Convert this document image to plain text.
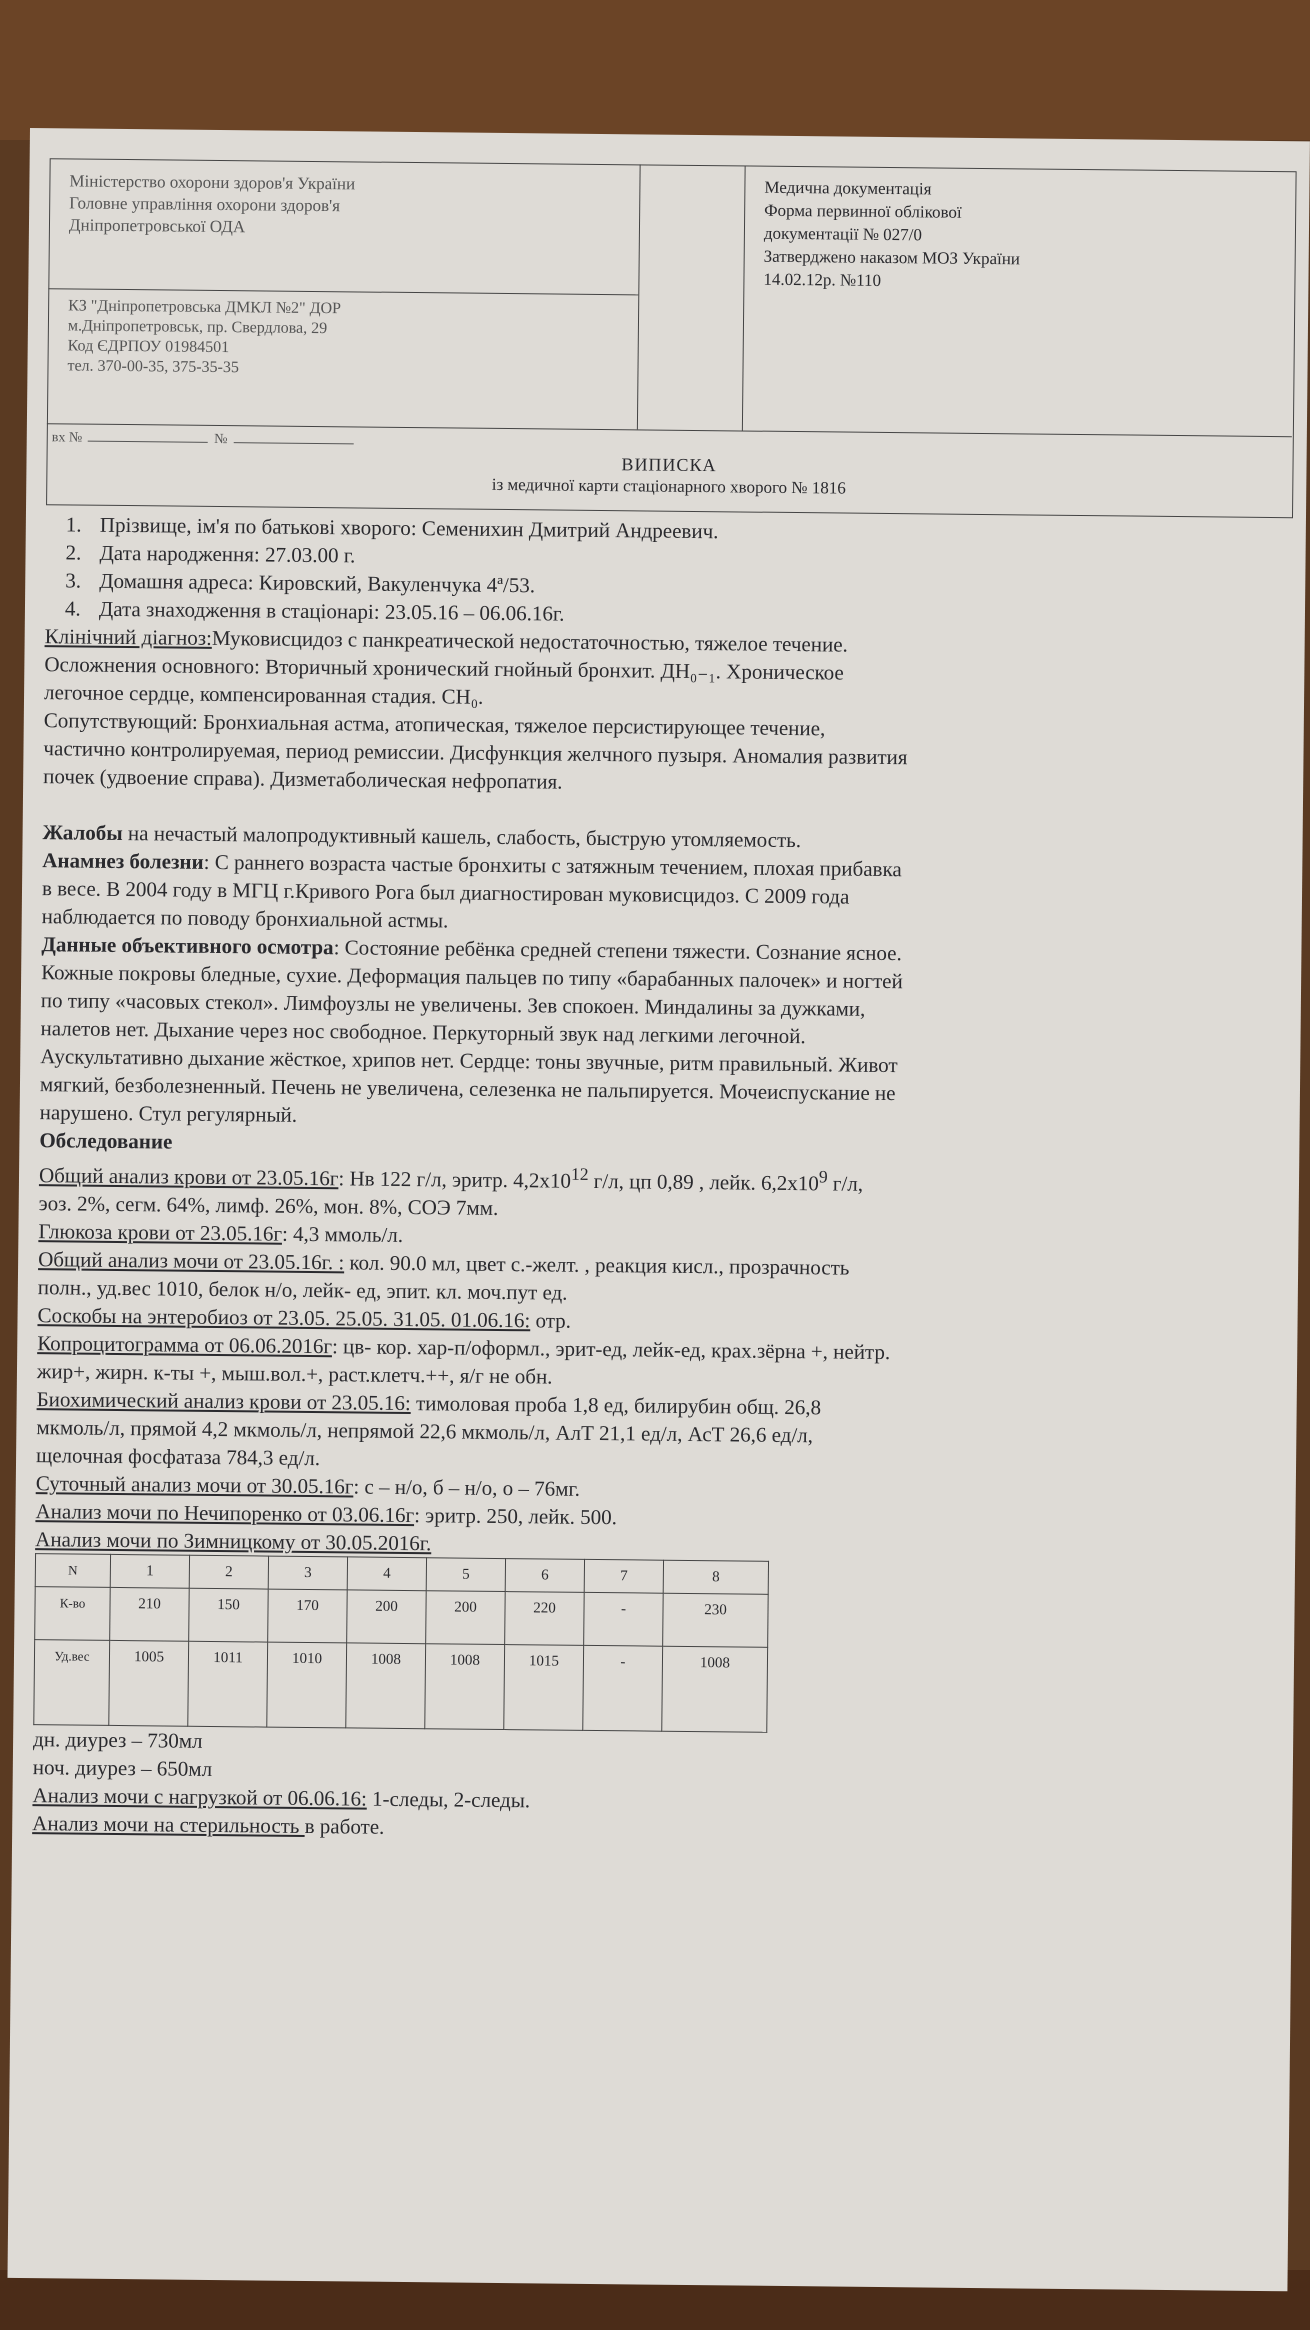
Міністерство охорони здоров'я України
Головне управління охорони здоров'я
Дніпропетровської ОДА
КЗ "Дніпропетровська ДМКЛ №2" ДОР
м.Дніпропетровськ, пр. Свердлова, 29
Код ЄДРПОУ 01984501
тел. 370-00-35, 375-35-35
Медична документація
Форма первинної облікової
документації № 027/0
Затверджено наказом МОЗ України
14.02.12р. №110
вх №	№
ВИПИСКА
із медичної карти стаціонарного хворого № 1816
1. Прізвище, ім'я по батькові хворого: Семенихин Дмитрий Андреевич.
2. Дата народження: 27.03.00 г.
3. Домашня адреса: Кировский, Вакуленчука 4ª/53.
4. Дата знаходження в стаціонарі: 23.05.16 – 06.06.16г.
Клінічний діагноз:Муковисцидоз с панкреатической недостаточностью, тяжелое течение.
Осложнения основного: Вторичный хронический гнойный бронхит. ДН₀₋₁. Хроническое
легочное сердце, компенсированная стадия. СН₀.
Сопутствующий: Бронхиальная астма, атопическая, тяжелое персистирующее течение,
частично контролируемая, период ремиссии. Дисфункция желчного пузыря. Аномалия развития
почек (удвоение справа). Дизметаболическая нефропатия.
Жалобы на нечастый малопродуктивный кашель, слабость, быструю утомляемость.
Анамнез болезни: С раннего возраста частые бронхиты с затяжным течением, плохая прибавка
в весе. В 2004 году в МГЦ г.Кривого Рога был диагностирован муковисцидоз. С 2009 года
наблюдается по поводу бронхиальной астмы.
Данные объективного осмотра: Состояние ребёнка средней степени тяжести. Сознание ясное.
Кожные покровы бледные, сухие. Деформация пальцев по типу «барабанных палочек» и ногтей
по типу «часовых стекол». Лимфоузлы не увеличены. Зев спокоен. Миндалины за дужками,
налетов нет. Дыхание через нос свободное. Перкуторный звук над легкими легочной.
Аускультативно дыхание жёсткое, хрипов нет. Сердце: тоны звучные, ритм правильный. Живот
мягкий, безболезненный. Печень не увеличена, селезенка не пальпируется. Мочеиспускание не
нарушено. Стул регулярный.
Обследование
Общий анализ крови от 23.05.16г: Нв 122 г/л, эритр. $4,2х10^{12}$ г/л, цп 0,89 , лейк. $6,2х10^9$ г/л,
эоз. 2%, сегм. 64%, лимф. 26%, мон. 8%, СОЭ 7мм.
Глюкоза крови от 23.05.16г: 4,3 ммоль/л.
Общий анализ мочи от 23.05.16г. : кол. 90.0 мл, цвет с.-желт. , реакция кисл., прозрачность
полн., уд.вес 1010, белок н/о, лейк- ед, эпит. кл. моч.пут ед.
Соскобы на энтеробиоз от 23.05. 25.05. 31.05. 01.06.16: отр.
Копроцитограмма от 06.06.2016г: цв- кор. хар-п/оформл., эрит-ед, лейк-ед, крах.зёрна +, нейтр.
жир+, жирн. к-ты +, мыш.вол.+, раст.клетч.++, я/г не обн.
Биохимический анализ крови от 23.05.16: тимоловая проба 1,8 ед, билирубин общ. 26,8
мкмоль/л, прямой 4,2 мкмоль/л, непрямой 22,6 мкмоль/л, АлТ 21,1 ед/л, АсТ 26,6 ед/л,
щелочная фосфатаза 784,3 ед/л.
Суточный анализ мочи от 30.05.16г: с – н/о, б – н/о, о – 76мг.
Анализ мочи по Нечипоренко от 03.06.16г: эритр. 250, лейк. 500.
Анализ мочи по Зимницкому от 30.05.2016г.
N	1	2	3	4	5	6	7	8
К-во	210	150	170	200	200	220	-	230
Уд.вес	1005	1011	1010	1008	1008	1015	-	1008
дн. диурез – 730мл
ноч. диурез – 650мл
Анализ мочи с нагрузкой от 06.06.16: 1-следы, 2-следы.
Анализ мочи на стерильность в работе.
